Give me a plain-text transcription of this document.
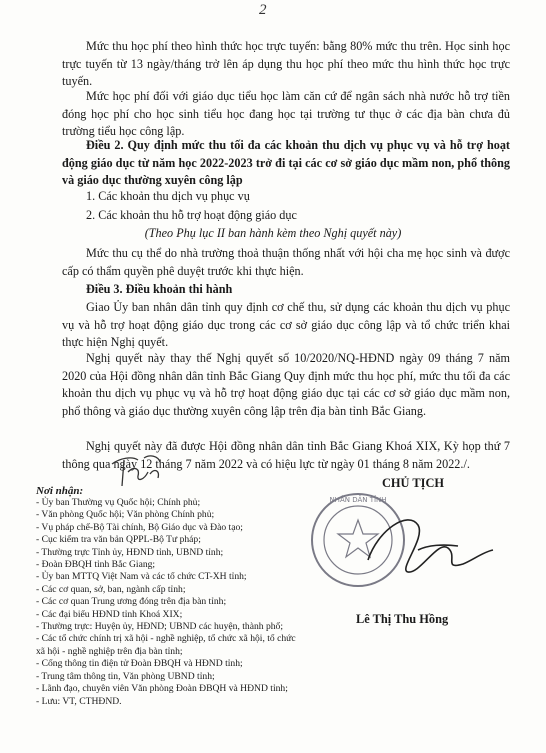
2
Mức thu học phí theo hình thức học trực tuyến: bằng 80% mức thu trên. Học sinh học trực tuyến từ 13 ngày/tháng trở lên áp dụng thu học phí theo mức thu hình thức học trực tuyến.
Mức học phí đối với giáo dục tiểu học làm căn cứ để ngân sách nhà nước hỗ trợ tiền đóng học phí cho học sinh tiểu học đang học tại trường tư thục ở các địa bàn chưa đủ trường tiểu học công lập.
Điều 2. Quy định mức thu tối đa các khoản thu dịch vụ phục vụ và hỗ trợ hoạt động giáo dục từ năm học 2022-2023 trở đi tại các cơ sở giáo dục mầm non, phổ thông và giáo dục thường xuyên công lập
1. Các khoản thu dịch vụ phục vụ
2. Các khoản thu hỗ trợ hoạt động giáo dục
(Theo Phụ lục II ban hành kèm theo Nghị quyết này)
Mức thu cụ thể do nhà trường thoả thuận thống nhất với hội cha mẹ học sinh và được cấp có thẩm quyền phê duyệt trước khi thực hiện.
Điều 3. Điều khoản thi hành
Giao Ủy ban nhân dân tỉnh quy định cơ chế thu, sử dụng các khoản thu dịch vụ phục vụ và hỗ trợ hoạt động giáo dục trong các cơ sở giáo dục công lập và tổ chức triển khai thực hiện Nghị quyết.
Nghị quyết này thay thế Nghị quyết số 10/2020/NQ-HĐND ngày 09 tháng 7 năm 2020 của Hội đồng nhân dân tỉnh Bắc Giang Quy định mức thu học phí, mức thu tối đa các khoản thu dịch vụ phục vụ và hỗ trợ hoạt động giáo dục tại các cơ sở giáo dục mầm non, phổ thông và giáo dục thường xuyên công lập trên địa bàn tỉnh Bắc Giang.
Nghị quyết này đã được Hội đồng nhân dân tỉnh Bắc Giang Khoá XIX, Kỳ họp thứ 7 thông qua ngày 12 tháng 7 năm 2022 và có hiệu lực từ ngày 01 tháng 8 năm 2022./.
Nơi nhận:
- Ủy ban Thường vụ Quốc hội; Chính phủ;
- Văn phòng Quốc hội; Văn phòng Chính phủ;
- Vụ pháp chế-Bộ Tài chính, Bộ Giáo dục và Đào tạo;
- Cục kiểm tra văn bản QPPL-Bộ Tư pháp;
- Thường trực Tỉnh ủy, HĐND tỉnh, UBND tỉnh;
- Đoàn ĐBQH tỉnh Bắc Giang;
- Ủy ban MTTQ Việt Nam và các tổ chức CT-XH tỉnh;
- Các cơ quan, sở, ban, ngành cấp tỉnh;
- Các cơ quan Trung ương đóng trên địa bàn tỉnh;
- Các đại biểu HĐND tỉnh Khoá XIX;
- Thường trực: Huyện ủy, HĐND; UBND các huyện, thành phố;
- Các tổ chức chính trị xã hội - nghề nghiệp, tổ chức xã hội, tổ chức xã hội - nghề nghiệp trên địa bàn tỉnh;
- Cổng thông tin điện tử Đoàn ĐBQH và HĐND tỉnh;
- Trung tâm thông tin, Văn phòng UBND tỉnh;
- Lãnh đạo, chuyên viên Văn phòng Đoàn ĐBQH và HĐND tỉnh;
- Lưu: VT, CTHĐND.
CHỦ TỊCH
NHÂN DÂN TỈNH
Lê Thị Thu Hồng
